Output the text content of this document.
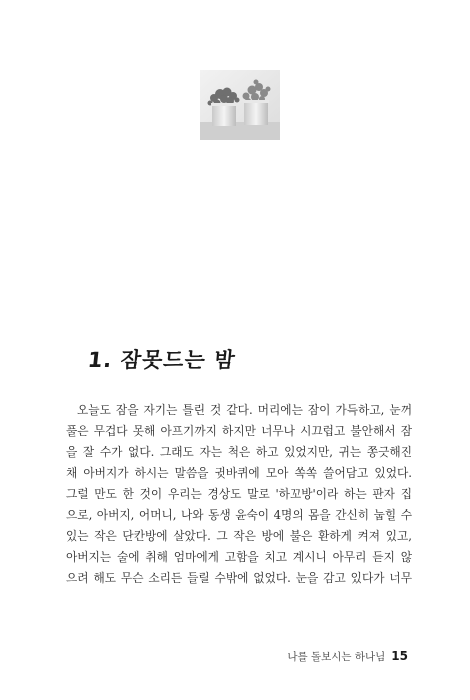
1. 잠못드는 밤
오늘도 잠을 자기는 틀린 것 같다. 머리에는 잠이 가득하고, 눈꺼
풀은 무겁다 못해 아프기까지 하지만 너무나 시끄럽고 불안해서 잠
을 잘 수가 없다. 그래도 자는 척은 하고 있었지만, 귀는 쫑긋해진
채 아버지가 하시는 말씀을 귓바퀴에 모아 쏙쏙 쓸어담고 있었다.
그럴 만도 한 것이 우리는 경상도 말로 '하꼬방'이라 하는 판자 집
으로, 아버지, 어머니, 나와 동생 윤숙이 4명의 몸을 간신히 눕힐 수
있는 작은 단칸방에 살았다. 그 작은 방에 불은 환하게 켜져 있고,
아버지는 술에 취해 엄마에게 고함을 치고 계시니 아무리 듣지 않
으려 해도 무슨 소리든 들릴 수밖에 없었다. 눈을 감고 있다가 너무
나를 돌보시는 하나님 15
